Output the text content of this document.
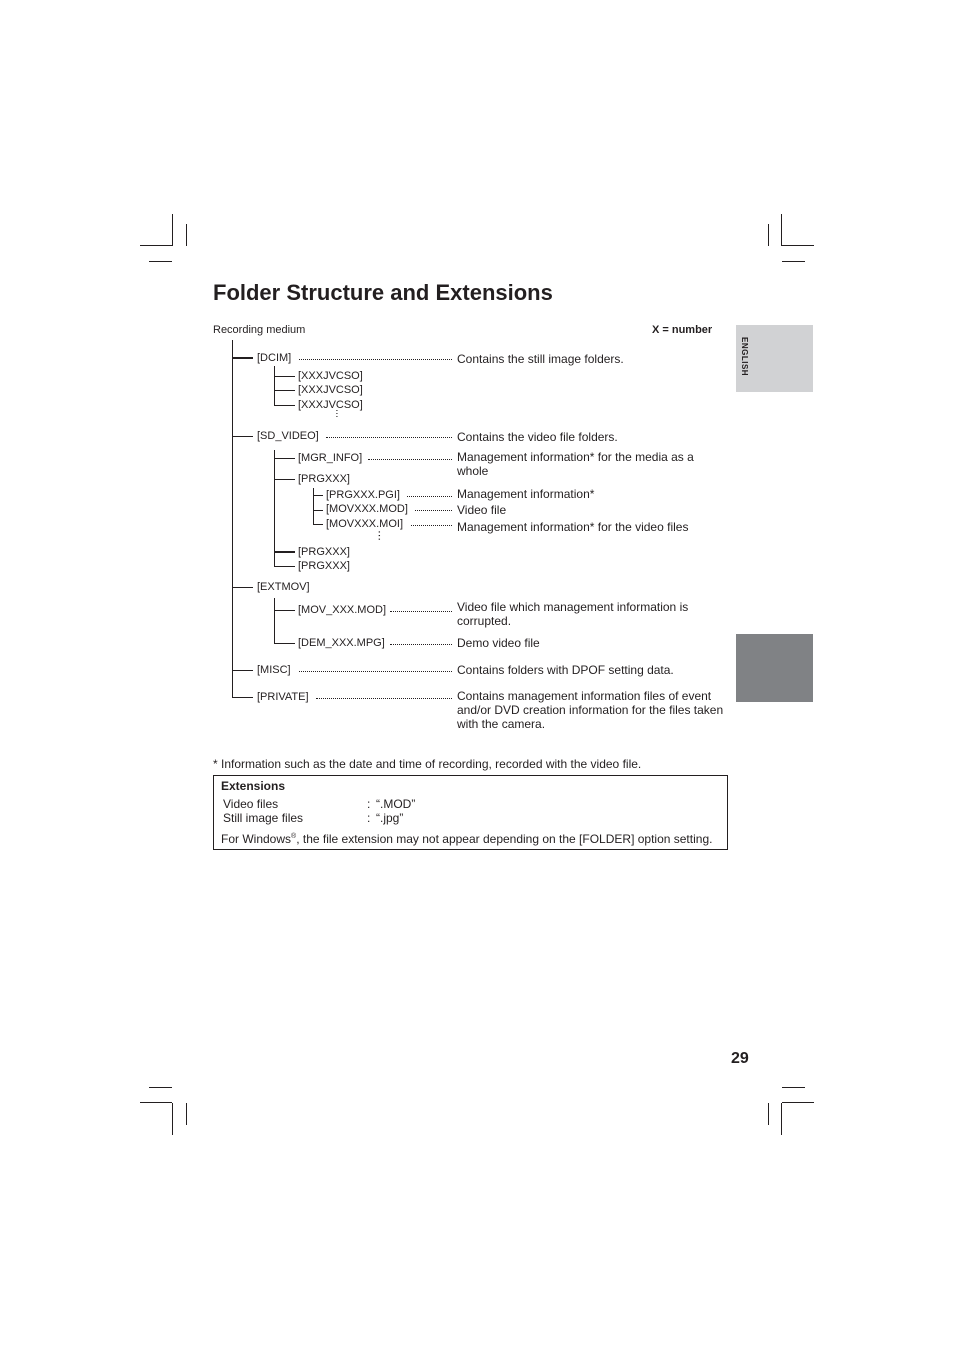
ENGLISH
Folder Structure and Extensions
Recording medium	X = number
⋯
⋯
[DCIM]	Contains the still image folders.
[XXXJVCSO]
[XXXJVCSO]
[XXXJVCSO]
[SD_VIDEO]	Contains the video file folders.
[MGR_INFO]	Management information* for the media as a whole
[PRGXXX]
[PRGXXX.PGI]	Management information*
[MOVXXX.MOD]	Video file
[MOVXXX.MOI]	Management information* for the video files
[PRGXXX]
[PRGXXX]
[EXTMOV]
[MOV_XXX.MOD]	Video file which management information is corrupted.
[DEM_XXX.MPG]	Demo video file
[MISC]	Contains folders with DPOF setting data.
[PRIVATE]	Contains management information files of event and/or DVD creation information for the files taken with the camera.
* Information such as the date and time of recording, recorded with the video file.
Extensions
Video files	: “.MOD”
Still image files	: “.jpg”
For Windows®, the file extension may not appear depending on the [FOLDER] option setting.
29
